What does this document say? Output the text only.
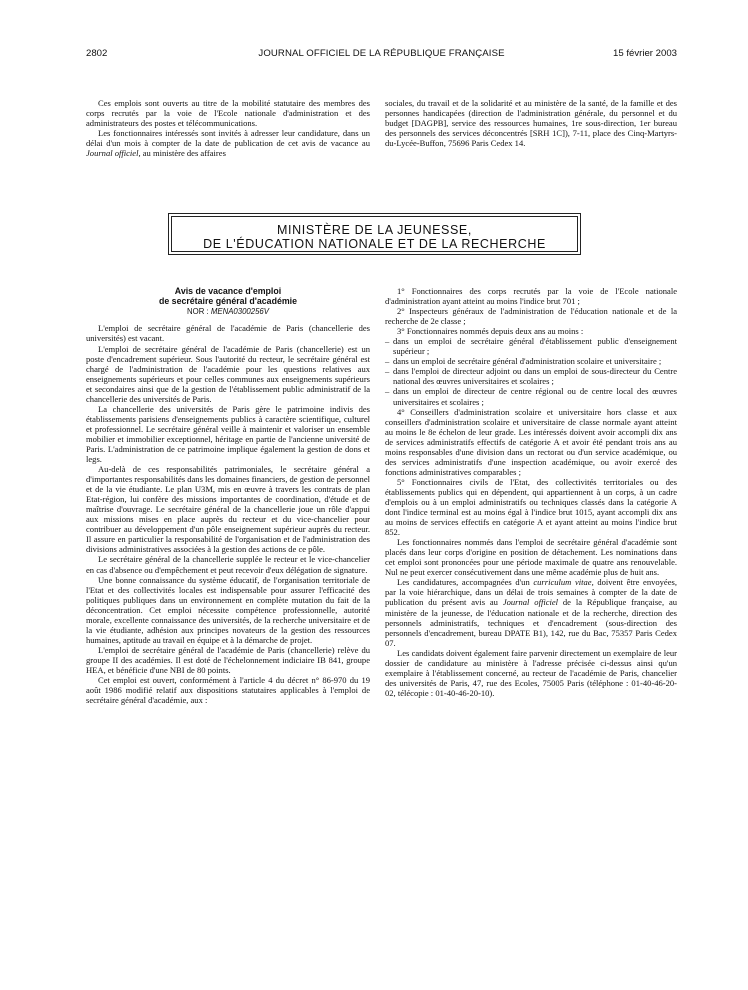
2802	JOURNAL OFFICIEL DE LA RÉPUBLIQUE FRANÇAISE	15 février 2003

Ces emplois sont ouverts au titre de la mobilité statutaire des membres des corps recrutés par la voie de l'Ecole nationale d'administration et des administrateurs des postes et télécommunications.

Les fonctionnaires intéressés sont invités à adresser leur candidature, dans un délai d'un mois à compter de la date de publication de cet avis de vacance au Journal officiel, au ministère des affaires

sociales, du travail et de la solidarité et au ministère de la santé, de la famille et des personnes handicapées (direction de l'administration générale, du personnel et du budget [DAGPB], service des ressources humaines, 1re sous-direction, 1er bureau des personnels des services déconcentrés [SRH 1C]), 7-11, place des Cinq-Martyrs-du-Lycée-Buffon, 75696 Paris Cedex 14.

MINISTÈRE DE LA JEUNESSE,
DE L'ÉDUCATION NATIONALE ET DE LA RECHERCHE
Avis de vacance d'emploi
de secrétaire général d'académie
NOR : MENA0300256V

L'emploi de secrétaire général de l'académie de Paris (chancellerie des universités) est vacant.

L'emploi de secrétaire général de l'académie de Paris (chancellerie) est un poste d'encadrement supérieur. Sous l'autorité du recteur, le secrétaire général est chargé de l'administration de l'académie pour les questions relatives aux enseignements supérieurs et pour celles communes aux enseignements supérieurs et secondaires ainsi que de la gestion de l'établissement public administratif de la chancellerie des universités de Paris.

La chancellerie des universités de Paris gère le patrimoine indivis des établissements parisiens d'enseignements publics à caractère scientifique, culturel et professionnel. Le secrétaire général veille à maintenir et valoriser un ensemble mobilier et immobilier exceptionnel, héritage en partie de l'ancienne université de Paris. L'administration de ce patrimoine implique également la gestion de dons et legs.

Au-delà de ces responsabilités patrimoniales, le secrétaire général a d'importantes responsabilités dans les domaines financiers, de gestion de personnel et de la vie étudiante. Le plan U3M, mis en œuvre à travers les contrats de plan Etat-région, lui confère des missions importantes de coordination, d'étude et de maîtrise d'ouvrage. Le secrétaire général de la chancellerie joue un rôle d'appui aux missions mises en place auprès du recteur et du vice-chancelier pour contribuer au développement d'un pôle enseignement supérieur auprès du recteur. Il assure en particulier la responsabilité de l'organisation et de l'administration des divisions administratives associées à la gestion des actions de ce pôle.

Le secrétaire général de la chancellerie supplée le recteur et le vice-chancelier en cas d'absence ou d'empêchement et peut recevoir d'eux délégation de signature.

Une bonne connaissance du système éducatif, de l'organisation territoriale de l'Etat et des collectivités locales est indispensable pour assurer l'efficacité des politiques publiques dans un environnement en complète mutation du fait de la déconcentration. Cet emploi nécessite compétence professionnelle, autorité morale, excellente connaissance des universités, de la recherche universitaire et de la vie étudiante, adhésion aux principes novateurs de la gestion des ressources humaines, aptitude au travail en équipe et à la démarche de projet.

L'emploi de secrétaire général de l'académie de Paris (chancellerie) relève du groupe II des académies. Il est doté de l'échelonnement indiciaire IB 841, groupe HEA, et bénéficie d'une NBI de 80 points.

Cet emploi est ouvert, conformément à l'article 4 du décret n° 86-970 du 19 août 1986 modifié relatif aux dispositions statutaires applicables à l'emploi de secrétaire général d'académie, aux :

1° Fonctionnaires des corps recrutés par la voie de l'Ecole nationale d'administration ayant atteint au moins l'indice brut 701 ;

2° Inspecteurs généraux de l'administration de l'éducation nationale et de la recherche de 2e classe ;

3° Fonctionnaires nommés depuis deux ans au moins :

– dans un emploi de secrétaire général d'établissement public d'enseignement supérieur ;

– dans un emploi de secrétaire général d'administration scolaire et universitaire ;

– dans l'emploi de directeur adjoint ou dans un emploi de sous-directeur du Centre national des œuvres universitaires et scolaires ;

– dans un emploi de directeur de centre régional ou de centre local des œuvres universitaires et scolaires ;

4° Conseillers d'administration scolaire et universitaire hors classe et aux conseillers d'administration scolaire et universitaire de classe normale ayant atteint au moins le 8e échelon de leur grade. Les intéressés doivent avoir accompli dix ans de services administratifs effectifs de catégorie A et avoir été pendant trois ans au moins responsables d'une division dans un rectorat ou d'un service académique, ou des services administratifs d'une inspection académique, ou avoir exercé des fonctions administratives comparables ;

5° Fonctionnaires civils de l'Etat, des collectivités territoriales ou des établissements publics qui en dépendent, qui appartiennent à un corps, à un cadre d'emplois ou à un emploi administratifs ou techniques classés dans la catégorie A dont l'indice terminal est au moins égal à l'indice brut 1015, ayant accompli dix ans au moins de services effectifs en catégorie A et ayant atteint au moins l'indice brut 852.

Les fonctionnaires nommés dans l'emploi de secrétaire général d'académie sont placés dans leur corps d'origine en position de détachement. Les nominations dans cet emploi sont prononcées pour une période maximale de quatre ans renouvelable. Nul ne peut exercer consécutivement dans une même académie plus de huit ans.

Les candidatures, accompagnées d'un curriculum vitae, doivent être envoyées, par la voie hiérarchique, dans un délai de trois semaines à compter de la date de publication du présent avis au Journal officiel de la République française, au ministère de la jeunesse, de l'éducation nationale et de la recherche, direction des personnels administratifs, techniques et d'encadrement (sous-direction des personnels d'encadrement, bureau DPATE B1), 142, rue du Bac, 75357 Paris Cedex 07.

Les candidats doivent également faire parvenir directement un exemplaire de leur dossier de candidature au ministère à l'adresse précisée ci-dessus ainsi qu'un exemplaire à l'établissement concerné, au recteur de l'académie de Paris, chancelier des universités de Paris, 47, rue des Ecoles, 75005 Paris (téléphone : 01-40-46-20-02, télécopie : 01-40-46-20-10).
